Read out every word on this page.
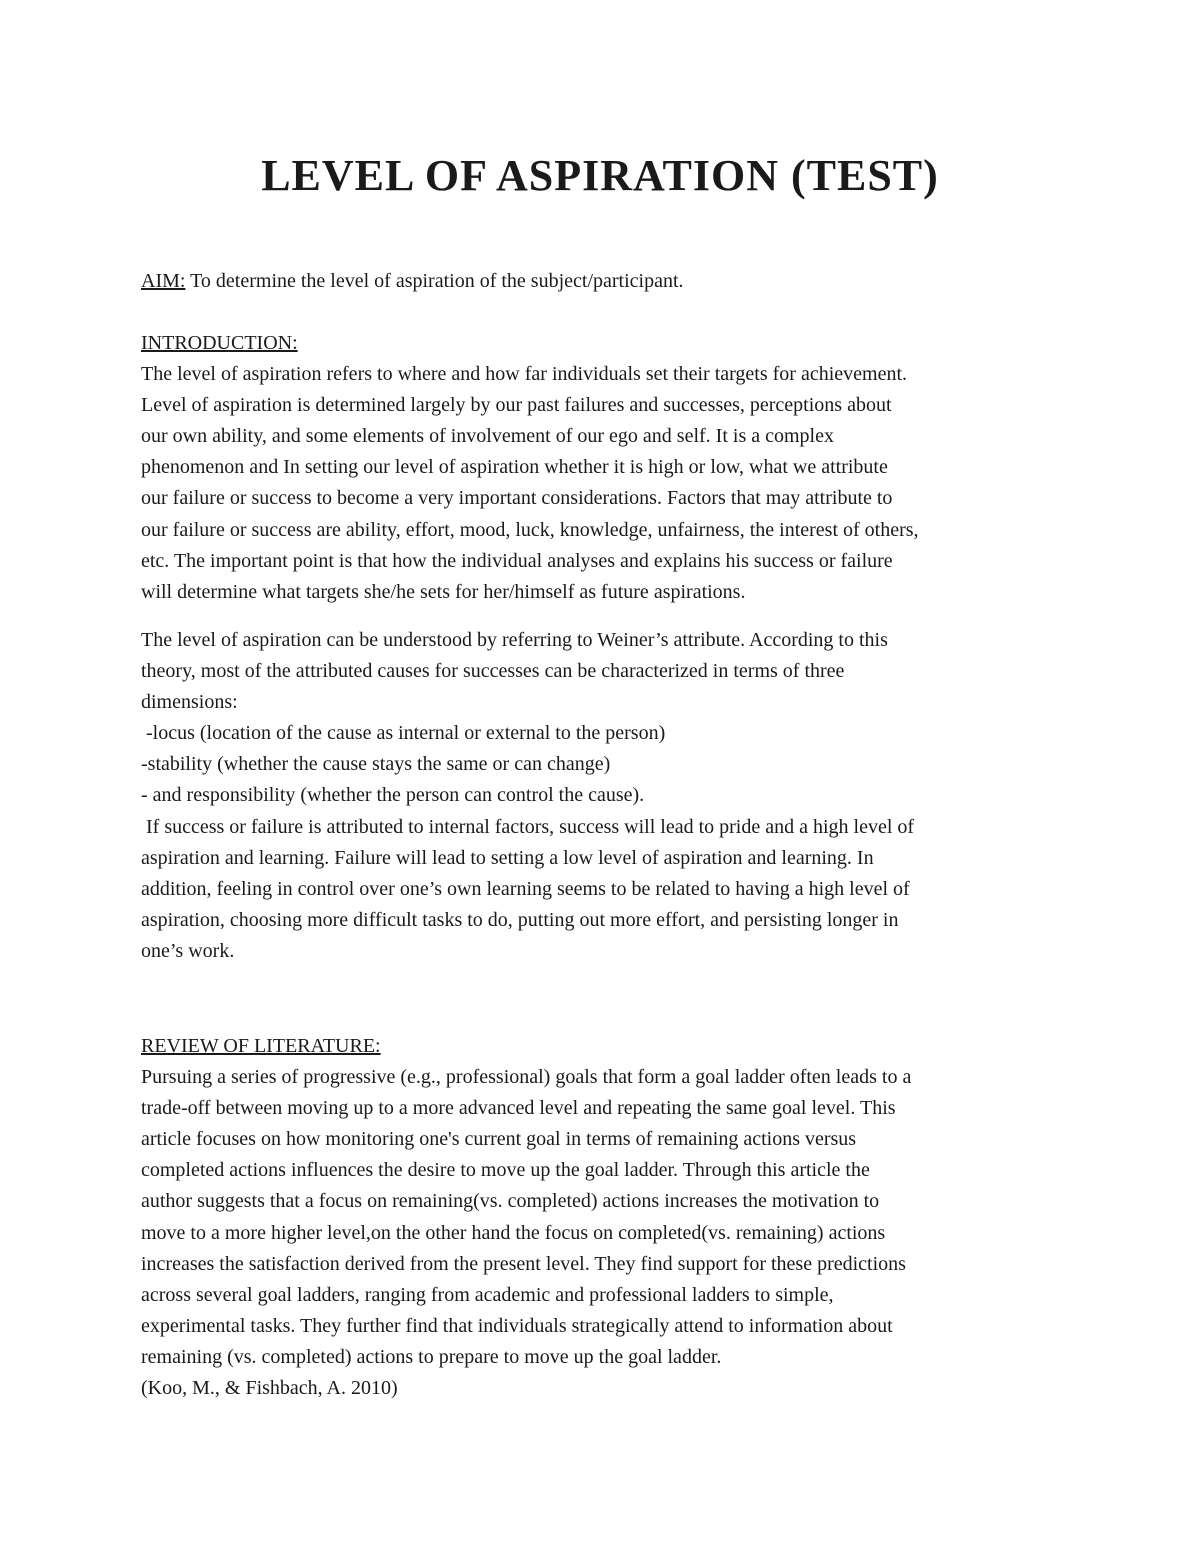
LEVEL OF ASPIRATION (TEST)
AIM: To determine the level of aspiration of the subject/participant.
INTRODUCTION:
The level of aspiration refers to where and how far individuals set their targets for achievement.
Level of aspiration is determined largely by our past failures and successes, perceptions about
our own ability, and some elements of involvement of our ego and self. It is a complex
phenomenon and In setting our level of aspiration whether it is high or low, what we attribute
our failure or success to become a very important considerations. Factors that may attribute to
our failure or success are ability, effort, mood, luck, knowledge, unfairness, the interest of others,
etc. The important point is that how the individual analyses and explains his success or failure
will determine what targets she/he sets for her/himself as future aspirations.
The level of aspiration can be understood by referring to Weiner’s attribute. According to this
theory, most of the attributed causes for successes can be characterized in terms of three
dimensions:
-locus (location of the cause as internal or external to the person)
-stability (whether the cause stays the same or can change)
- and responsibility (whether the person can control the cause).
If success or failure is attributed to internal factors, success will lead to pride and a high level of
aspiration and learning. Failure will lead to setting a low level of aspiration and learning. In
addition, feeling in control over one’s own learning seems to be related to having a high level of
aspiration, choosing more difficult tasks to do, putting out more effort, and persisting longer in
one’s work.
REVIEW OF LITERATURE:
Pursuing a series of progressive (e.g., professional) goals that form a goal ladder often leads to a
trade-off between moving up to a more advanced level and repeating the same goal level. This
article focuses on how monitoring one's current goal in terms of remaining actions versus
completed actions influences the desire to move up the goal ladder. Through this article the
author suggests that a focus on remaining(vs. completed) actions increases the motivation to
move to a more higher level,on the other hand the focus on completed(vs. remaining) actions
increases the satisfaction derived from the present level. They find support for these predictions
across several goal ladders, ranging from academic and professional ladders to simple,
experimental tasks. They further find that individuals strategically attend to information about
remaining (vs. completed) actions to prepare to move up the goal ladder.
(Koo, M., & Fishbach, A. 2010)
